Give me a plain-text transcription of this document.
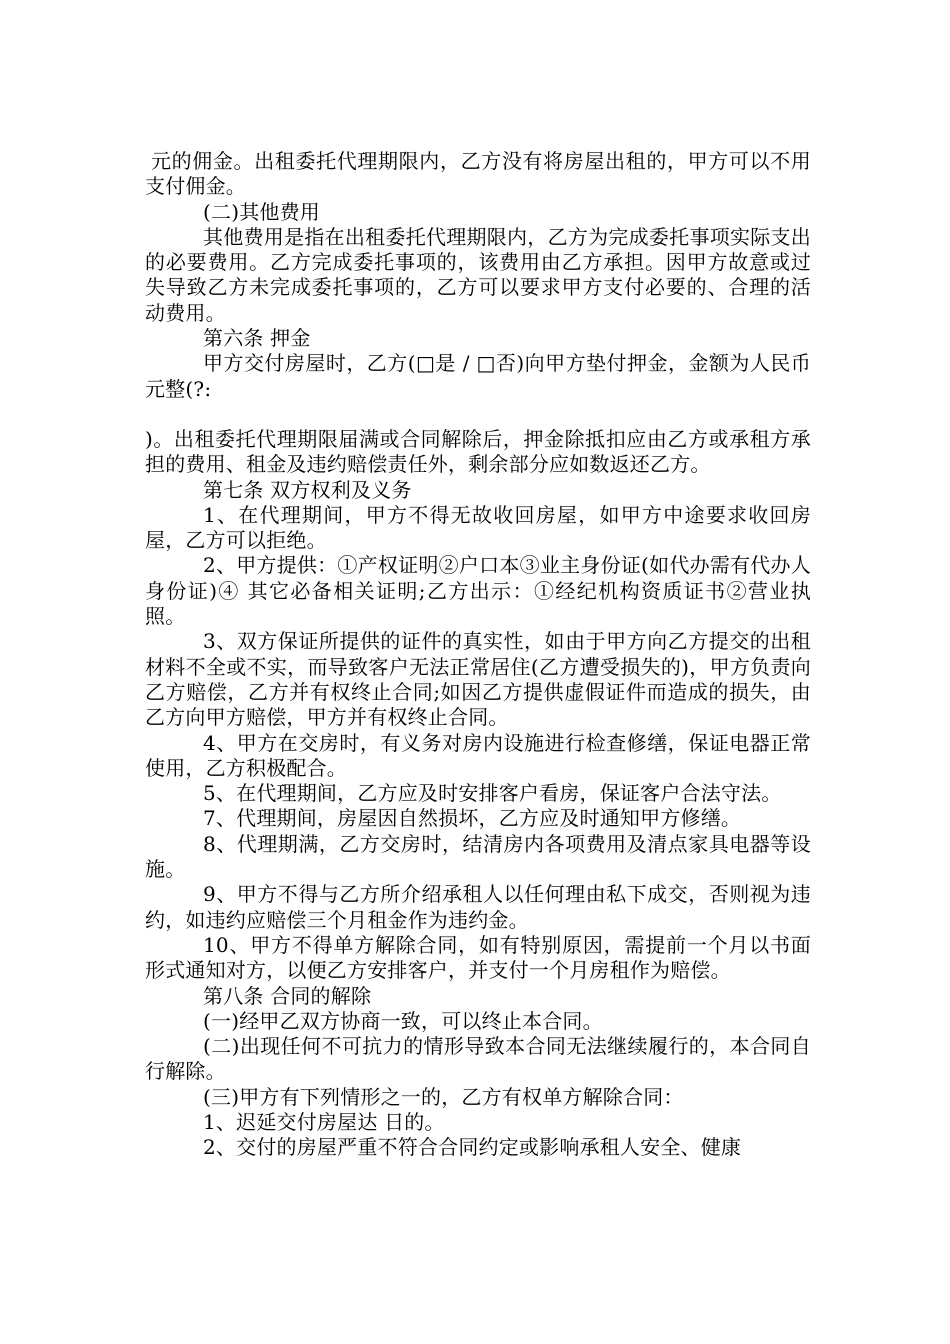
元的佣金。出租委托代理期限内，乙方没有将房屋出租的，甲方可以不用支付佣金。

(二)其他费用

其他费用是指在出租委托代理期限内，乙方为完成委托事项实际支出的必要费用。乙方完成委托事项的，该费用由乙方承担。因甲方故意或过失导致乙方未完成委托事项的，乙方可以要求甲方支付必要的、合理的活动费用。

第六条 押金

甲方交付房屋时，乙方(□是 / □否)向甲方垫付押金，金额为人民币 元整(?:

)。出租委托代理期限届满或合同解除后，押金除抵扣应由乙方或承租方承担的费用、租金及违约赔偿责任外，剩余部分应如数返还乙方。

第七条 双方权利及义务

1、在代理期间，甲方不得无故收回房屋，如甲方中途要求收回房屋，乙方可以拒绝。

2、甲方提供：①产权证明②户口本③业主身份证(如代办需有代办人身份证)④ 其它必备相关证明;乙方出示：①经纪机构资质证书②营业执照。

3、双方保证所提供的证件的真实性，如由于甲方向乙方提交的出租材料不全或不实，而导致客户无法正常居住(乙方遭受损失的)，甲方负责向乙方赔偿，乙方并有权终止合同;如因乙方提供虚假证件而造成的损失，由乙方向甲方赔偿，甲方并有权终止合同。

4、甲方在交房时，有义务对房内设施进行检查修缮，保证电器正常使用，乙方积极配合。

5、在代理期间，乙方应及时安排客户看房，保证客户合法守法。

7、代理期间，房屋因自然损坏，乙方应及时通知甲方修缮。

8、代理期满，乙方交房时，结清房内各项费用及清点家具电器等设施。

9、甲方不得与乙方所介绍承租人以任何理由私下成交，否则视为违约，如违约应赔偿三个月租金作为违约金。

10、甲方不得单方解除合同，如有特别原因，需提前一个月以书面形式通知对方，以便乙方安排客户，并支付一个月房租作为赔偿。

第八条 合同的解除

(一)经甲乙双方协商一致，可以终止本合同。

(二)出现任何不可抗力的情形导致本合同无法继续履行的，本合同自行解除。

(三)甲方有下列情形之一的，乙方有权单方解除合同：

1、迟延交付房屋达 日的。

2、交付的房屋严重不符合合同约定或影响承租人安全、健康
